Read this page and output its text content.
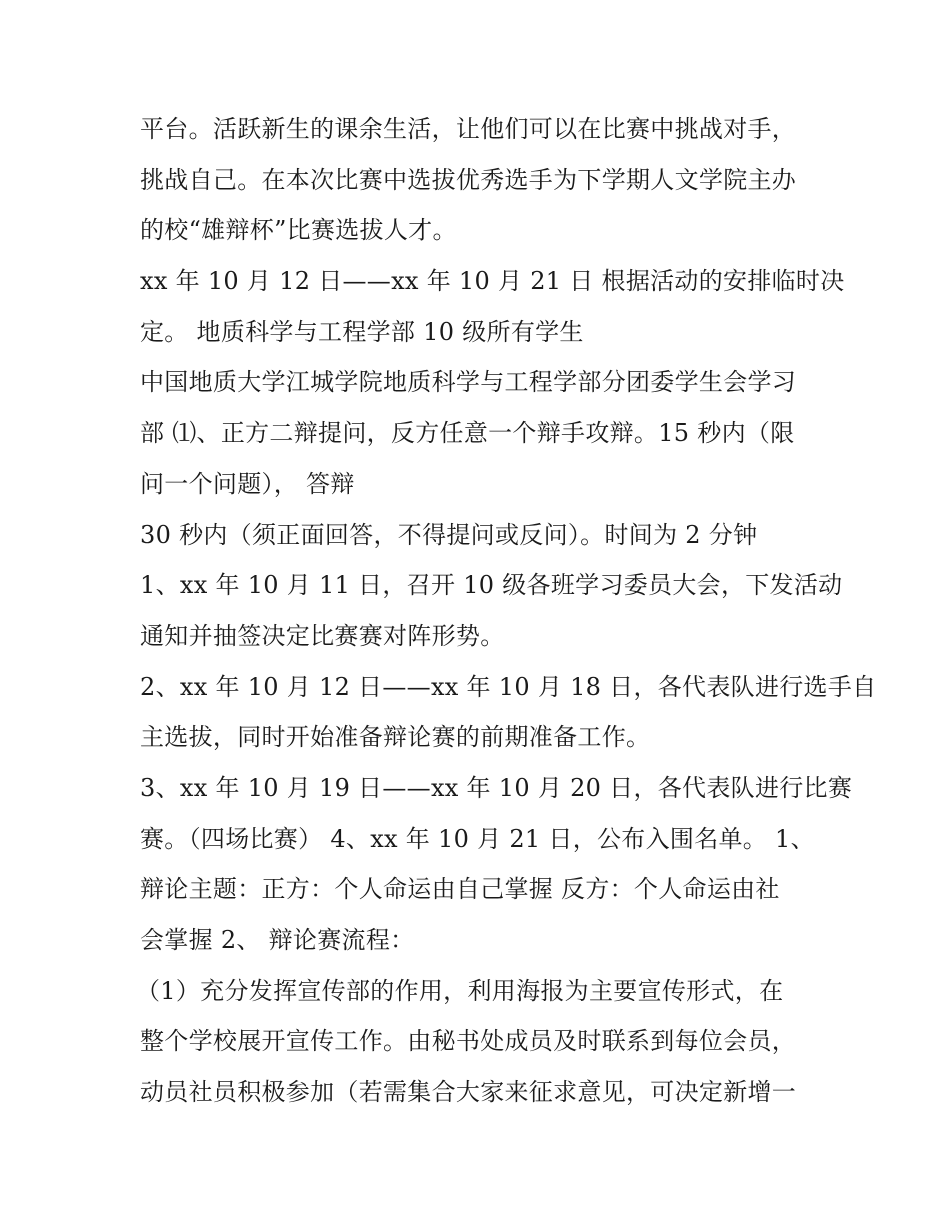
平台。活跃新生的课余生活，让他们可以在比赛中挑战对手，
挑战自己。在本次比赛中选拔优秀选手为下学期人文学院主办
的校“雄辩杯”比赛选拔人才。
xx 年 10 月 12 日——xx 年 10 月 21 日 根据活动的安排临时决
定。 地质科学与工程学部 10 级所有学生
中国地质大学江城学院地质科学与工程学部分团委学生会学习
部 ⑴、正方二辩提问，反方任意一个辩手攻辩。15 秒内（限
问一个问题）， 答辩
30 秒内（须正面回答，不得提问或反问）。时间为 2 分钟
1、xx 年 10 月 11 日，召开 10 级各班学习委员大会，下发活动
通知并抽签决定比赛赛对阵形势。
2、xx 年 10 月 12 日——xx 年 10 月 18 日，各代表队进行选手自
主选拔，同时开始准备辩论赛的前期准备工作。
3、xx 年 10 月 19 日——xx 年 10 月 20 日，各代表队进行比赛
赛。（四场比赛） 4、xx 年 10 月 21 日，公布入围名单。 1、
辩论主题：正方：个人命运由自己掌握 反方：个人命运由社
会掌握 2、 辩论赛流程：
（1）充分发挥宣传部的作用，利用海报为主要宣传形式，在
整个学校展开宣传工作。由秘书处成员及时联系到每位会员，
动员社员积极参加（若需集合大家来征求意见，可决定新增一
